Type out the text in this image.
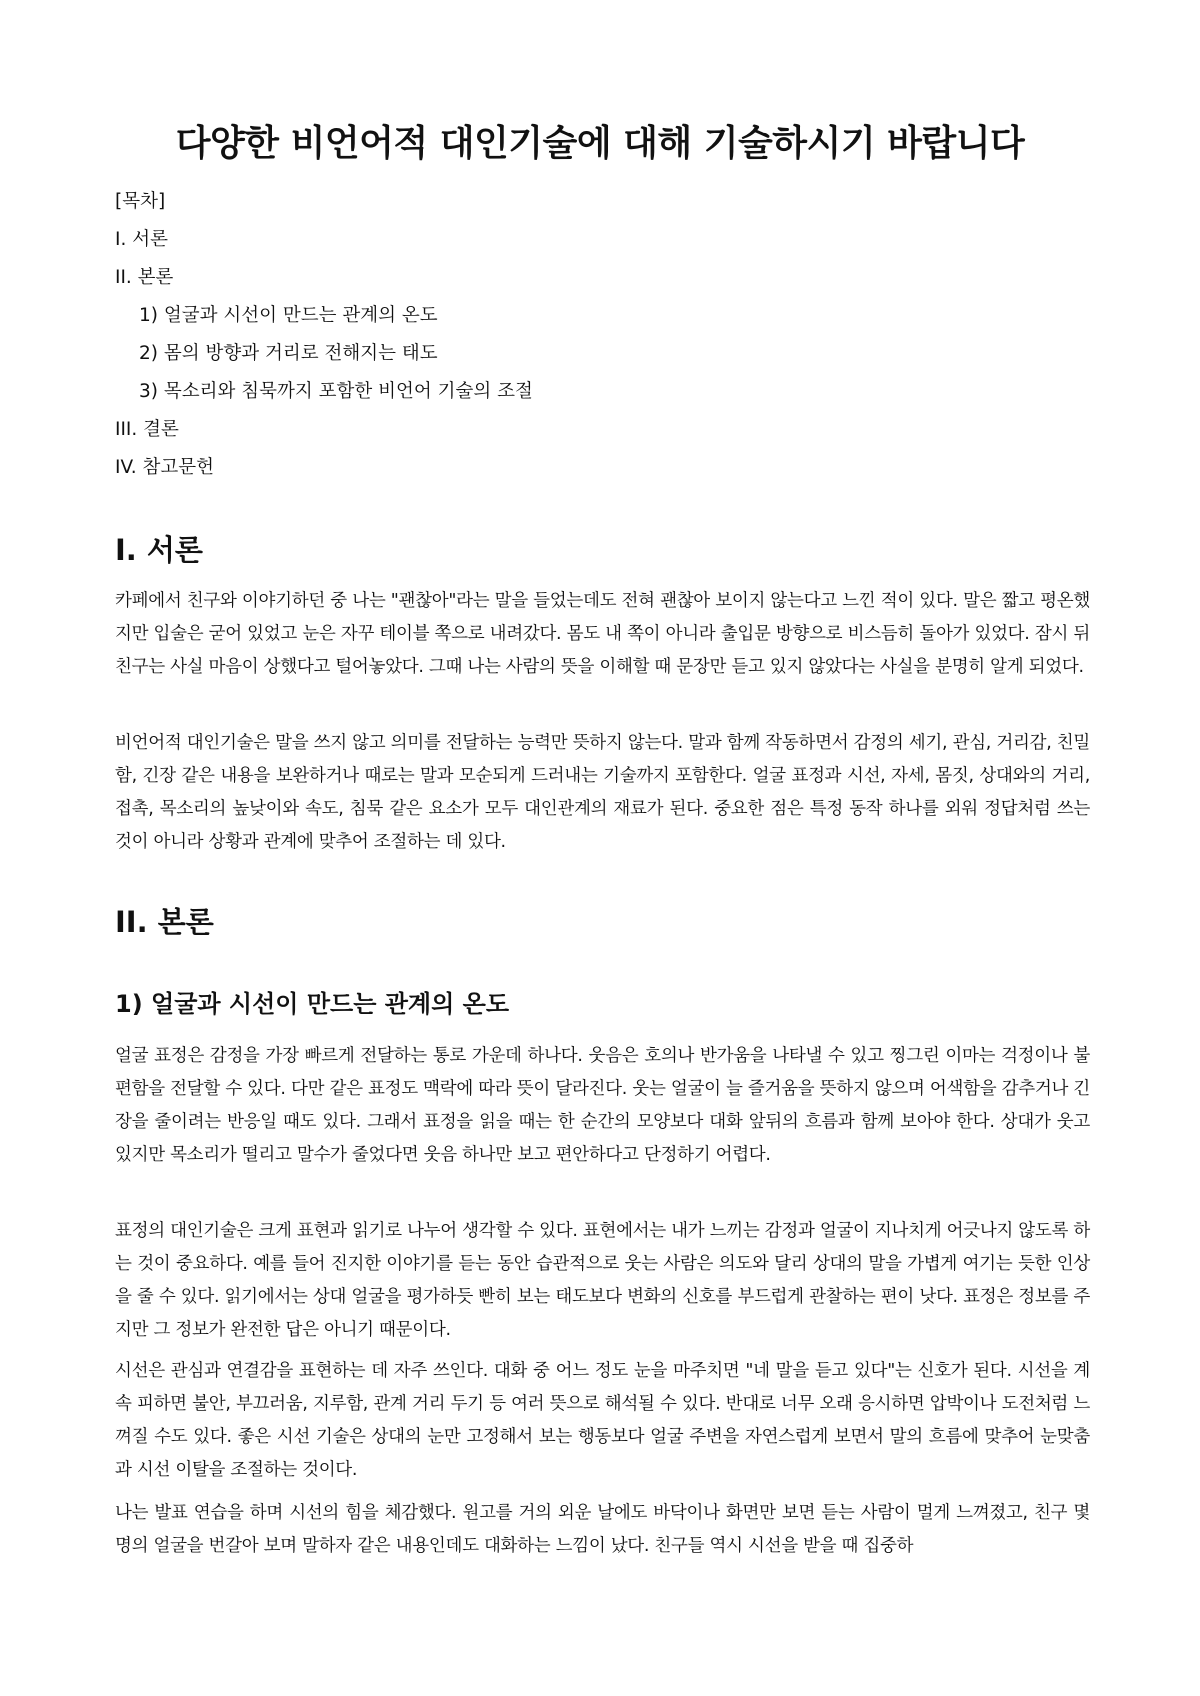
다양한 비언어적 대인기술에 대해 기술하시기 바랍니다
[목차]
I. 서론
II. 본론
1) 얼굴과 시선이 만드는 관계의 온도
2) 몸의 방향과 거리로 전해지는 태도
3) 목소리와 침묵까지 포함한 비언어 기술의 조절
III. 결론
IV. 참고문헌
I. 서론

카페에서 친구와 이야기하던 중 나는 "괜찮아"라는 말을 들었는데도 전혀 괜찮아 보이지 않는다고 느낀 적이 있다. 말은 짧고 평온했지만 입술은 굳어 있었고 눈은 자꾸 테이블 쪽으로 내려갔다. 몸도 내 쪽이 아니라 출입문 방향으로 비스듬히 돌아가 있었다. 잠시 뒤 친구는 사실 마음이 상했다고 털어놓았다. 그때 나는 사람의 뜻을 이해할 때 문장만 듣고 있지 않았다는 사실을 분명히 알게 되었다.

비언어적 대인기술은 말을 쓰지 않고 의미를 전달하는 능력만 뜻하지 않는다. 말과 함께 작동하면서 감정의 세기, 관심, 거리감, 친밀함, 긴장 같은 내용을 보완하거나 때로는 말과 모순되게 드러내는 기술까지 포함한다. 얼굴 표정과 시선, 자세, 몸짓, 상대와의 거리, 접촉, 목소리의 높낮이와 속도, 침묵 같은 요소가 모두 대인관계의 재료가 된다. 중요한 점은 특정 동작 하나를 외워 정답처럼 쓰는 것이 아니라 상황과 관계에 맞추어 조절하는 데 있다.

II. 본론
1) 얼굴과 시선이 만드는 관계의 온도

얼굴 표정은 감정을 가장 빠르게 전달하는 통로 가운데 하나다. 웃음은 호의나 반가움을 나타낼 수 있고 찡그린 이마는 걱정이나 불편함을 전달할 수 있다. 다만 같은 표정도 맥락에 따라 뜻이 달라진다. 웃는 얼굴이 늘 즐거움을 뜻하지 않으며 어색함을 감추거나 긴장을 줄이려는 반응일 때도 있다. 그래서 표정을 읽을 때는 한 순간의 모양보다 대화 앞뒤의 흐름과 함께 보아야 한다. 상대가 웃고 있지만 목소리가 떨리고 말수가 줄었다면 웃음 하나만 보고 편안하다고 단정하기 어렵다.

표정의 대인기술은 크게 표현과 읽기로 나누어 생각할 수 있다. 표현에서는 내가 느끼는 감정과 얼굴이 지나치게 어긋나지 않도록 하는 것이 중요하다. 예를 들어 진지한 이야기를 듣는 동안 습관적으로 웃는 사람은 의도와 달리 상대의 말을 가볍게 여기는 듯한 인상을 줄 수 있다. 읽기에서는 상대 얼굴을 평가하듯 빤히 보는 태도보다 변화의 신호를 부드럽게 관찰하는 편이 낫다. 표정은 정보를 주지만 그 정보가 완전한 답은 아니기 때문이다.

시선은 관심과 연결감을 표현하는 데 자주 쓰인다. 대화 중 어느 정도 눈을 마주치면 "네 말을 듣고 있다"는 신호가 된다. 시선을 계속 피하면 불안, 부끄러움, 지루함, 관계 거리 두기 등 여러 뜻으로 해석될 수 있다. 반대로 너무 오래 응시하면 압박이나 도전처럼 느껴질 수도 있다. 좋은 시선 기술은 상대의 눈만 고정해서 보는 행동보다 얼굴 주변을 자연스럽게 보면서 말의 흐름에 맞추어 눈맞춤과 시선 이탈을 조절하는 것이다.

나는 발표 연습을 하며 시선의 힘을 체감했다. 원고를 거의 외운 날에도 바닥이나 화면만 보면 듣는 사람이 멀게 느껴졌고, 친구 몇 명의 얼굴을 번갈아 보며 말하자 같은 내용인데도 대화하는 느낌이 났다. 친구들 역시 시선을 받을 때 집중하
